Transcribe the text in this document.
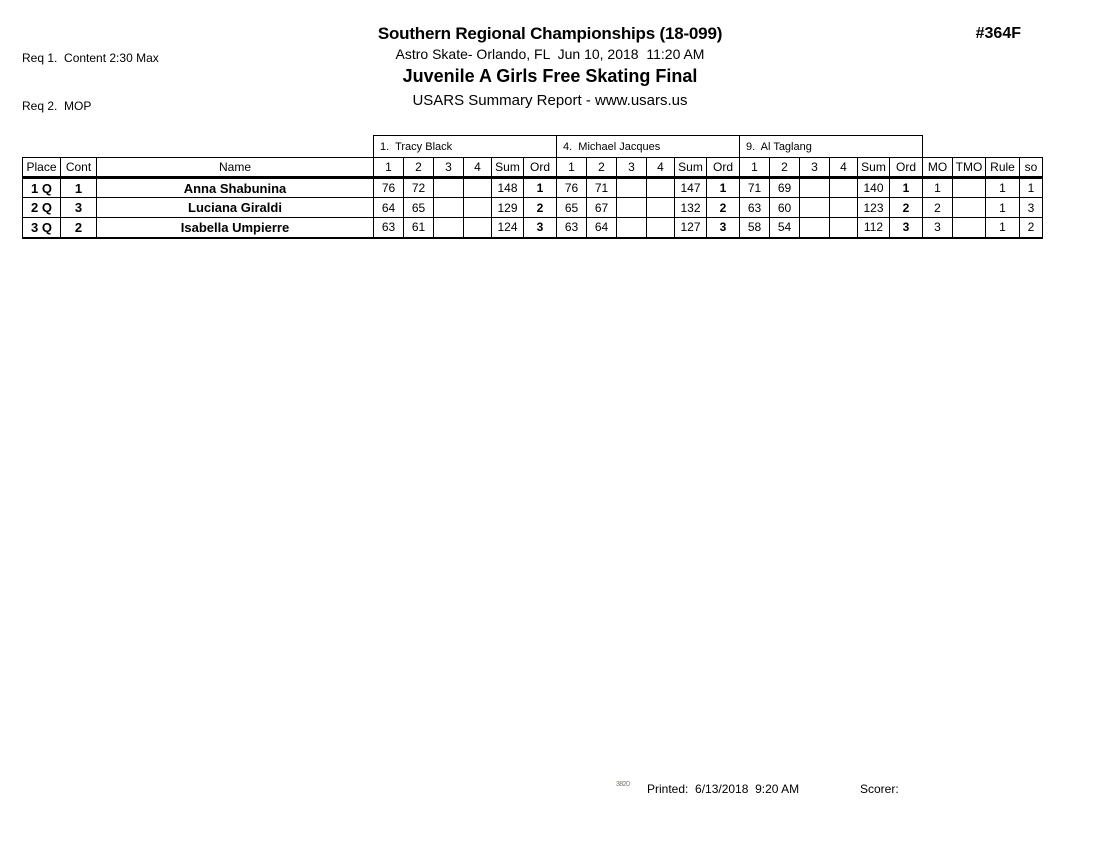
Req 1.  Content 2:30 Max

Req 2.  MOP

Southern Regional Championships (18-099)
Astro Skate- Orlando, FL  Jun 10, 2018  11:20 AM
Juvenile A Girls Free Skating Final
USARS Summary Report - www.usars.us
#364F
			1.  Tracy Black						4.  Michael Jacques						9.  Al Taglang									
Place	Cont	Name	1	2	3	4	Sum	Ord	1	2	3	4	Sum	Ord	1	2	3	4	Sum	Ord	MO	TMO	Rule	so
1 Q	1	Anna Shabunina	76	72			148	1	76	71			147	1	71	69			140	1	1		1	1
2 Q	3	Luciana Giraldi	64	65			129	2	65	67			132	2	63	60			123	2	2		1	3
3 Q	2	Isabella Umpierre	63	61			124	3	63	64			127	3	58	54			112	3	3		1	2
3820 Printed:  6/13/2018  9:20 AM	Scorer:
